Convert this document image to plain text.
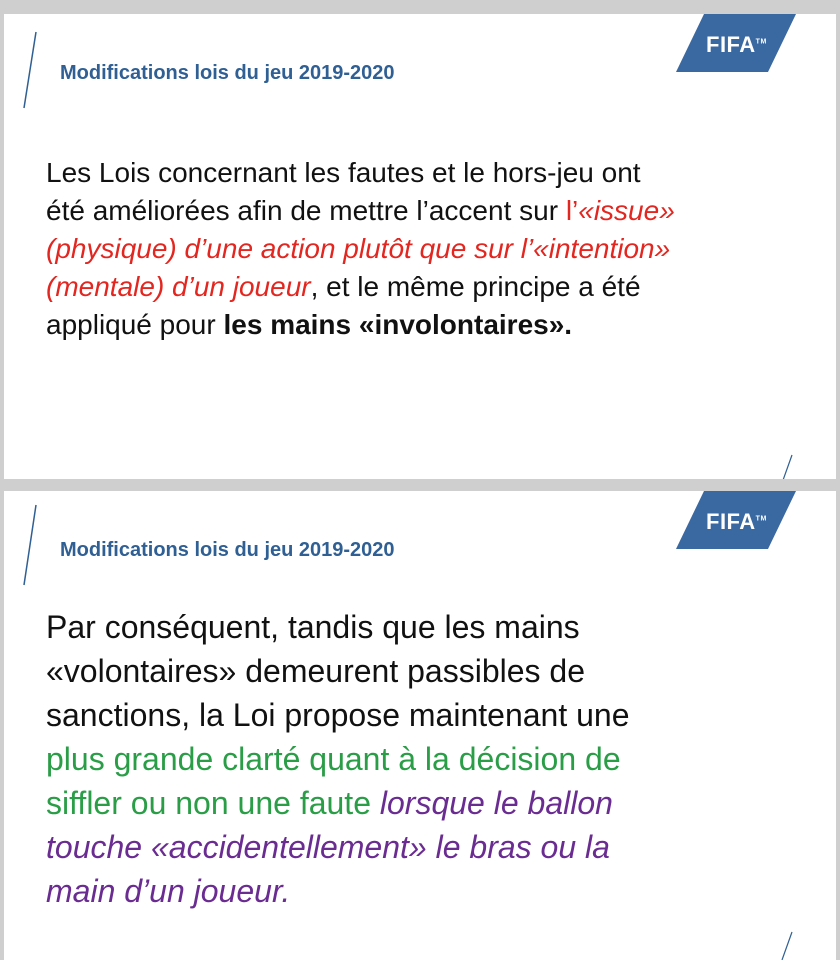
Modifications lois du jeu 2019-2020
FIFA™
Les Lois concernant les fautes et le hors-jeu ont
été améliorées afin de mettre l’accent sur l’«issue»
(physique) d’une action plutôt que sur l’«intention»
(mentale) d’un joueur, et le même principe a été
appliqué pour les mains «involontaires».
Modifications lois du jeu 2019-2020
FIFA™
Par conséquent, tandis que les mains
«volontaires» demeurent passibles de
sanctions, la Loi propose maintenant une
plus grande clarté quant à la décision de
siffler ou non une faute lorsque le ballon
touche «accidentellement» le bras ou la
main d’un joueur.
